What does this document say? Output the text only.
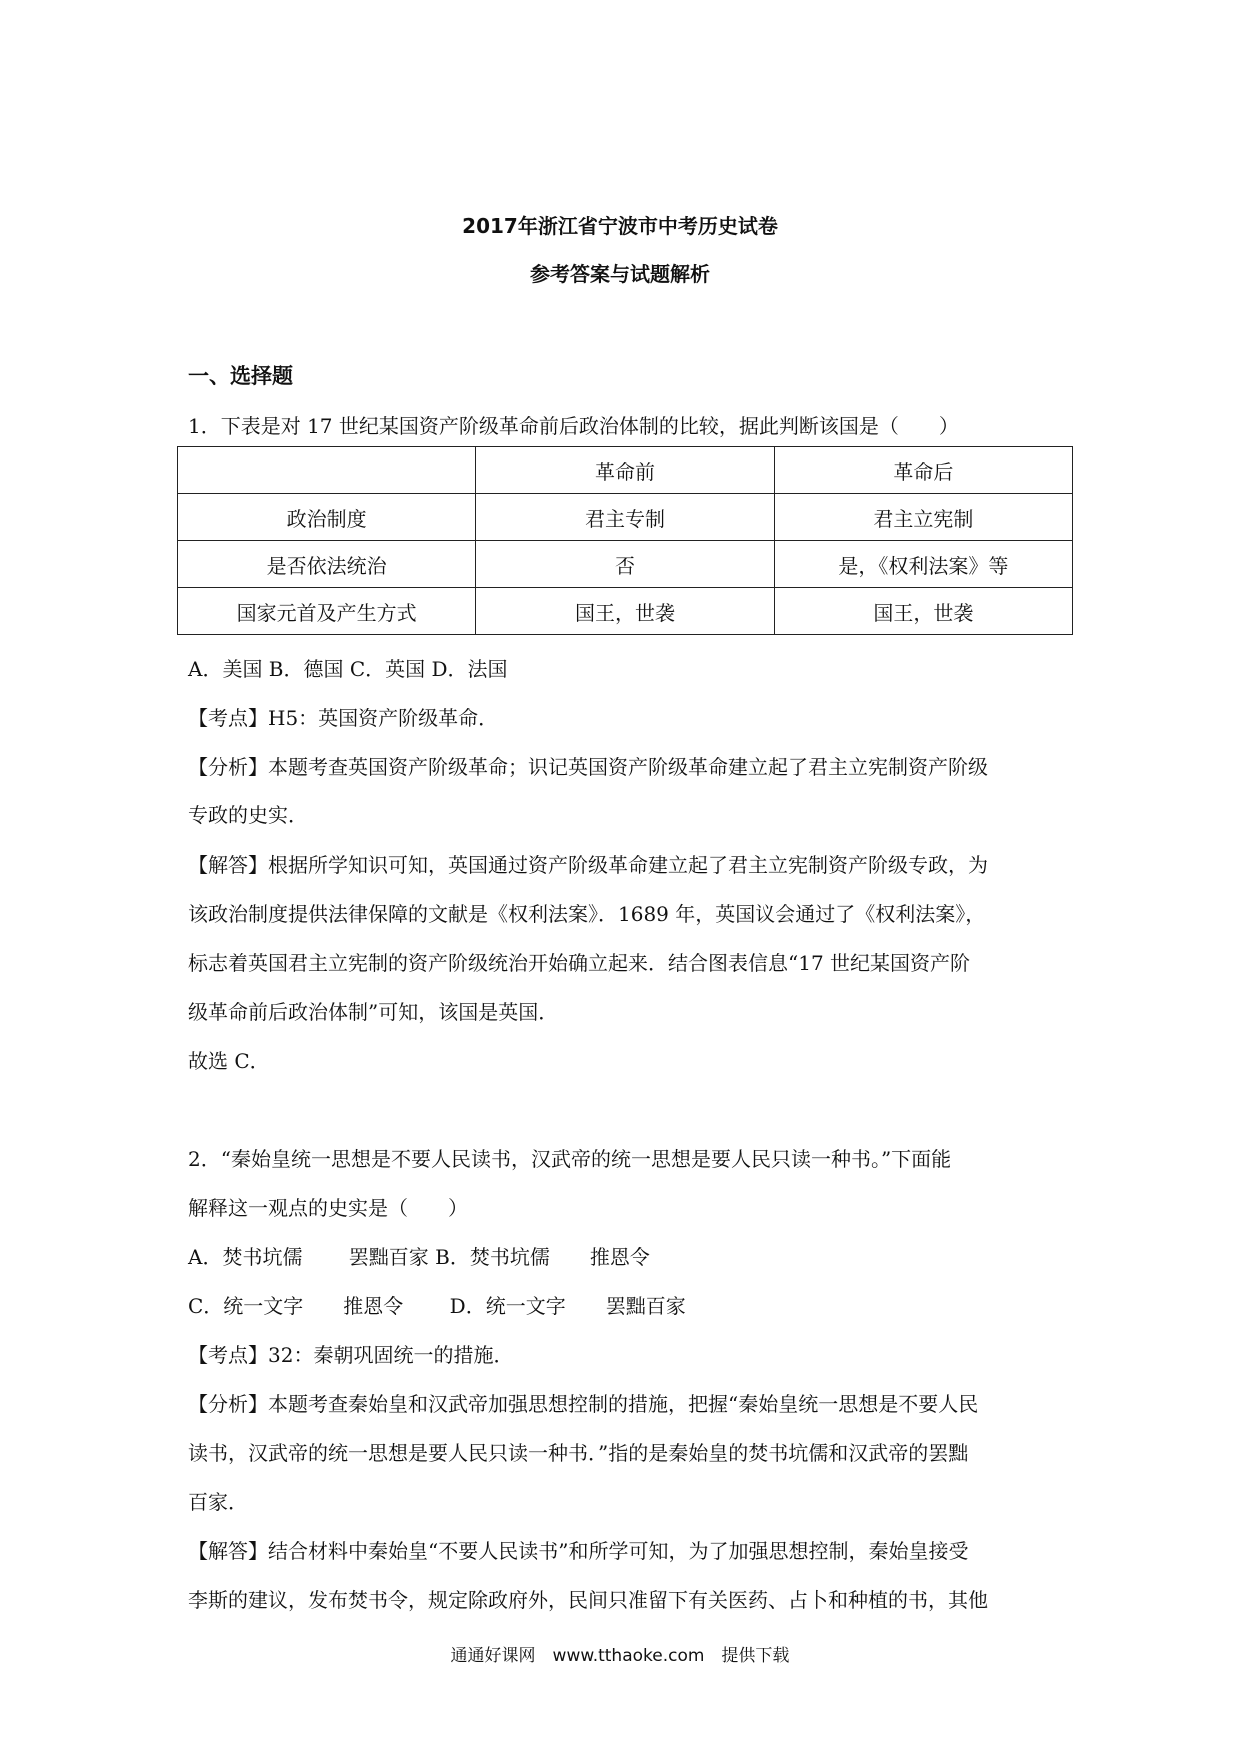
2017年浙江省宁波市中考历史试卷
参考答案与试题解析
一、选择题
1．下表是对 17 世纪某国资产阶级革命前后政治体制的比较，据此判断该国是（　　）
	革命前	革命后
政治制度	君主专制	君主立宪制
是否依法统治	否	是，《权利法案》等
国家元首及产生方式	国王，世袭	国王，世袭
A．美国 B．德国 C．英国 D．法国
【考点】H5：英国资产阶级革命．
【分析】本题考查英国资产阶级革命；识记英国资产阶级革命建立起了君主立宪制资产阶级
专政的史实．
【解答】根据所学知识可知，英国通过资产阶级革命建立起了君主立宪制资产阶级专政，为
该政治制度提供法律保障的文献是《权利法案》．1689 年，英国议会通过了《权利法案》，
标志着英国君主立宪制的资产阶级统治开始确立起来．结合图表信息“17 世纪某国资产阶
级革命前后政治体制”可知，该国是英国．
故选 C．
2．“秦始皇统一思想是不要人民读书，汉武帝的统一思想是要人民只读一种书。”下面能
解释这一观点的史实是（　　）
A．焚书坑儒　　 罢黜百家 B．焚书坑儒　　推恩令
C．统一文字　　推恩令　　 D．统一文字　　罢黜百家
【考点】32：秦朝巩固统一的措施．
【分析】本题考查秦始皇和汉武帝加强思想控制的措施，把握“秦始皇统一思想是不要人民
读书，汉武帝的统一思想是要人民只读一种书．”指的是秦始皇的焚书坑儒和汉武帝的罢黜
百家．
【解答】结合材料中秦始皇“不要人民读书”和所学可知，为了加强思想控制，秦始皇接受
李斯的建议，发布焚书令，规定除政府外，民间只准留下有关医药、占卜和种植的书，其他
通通好课网　www.tthaoke.com　提供下载
